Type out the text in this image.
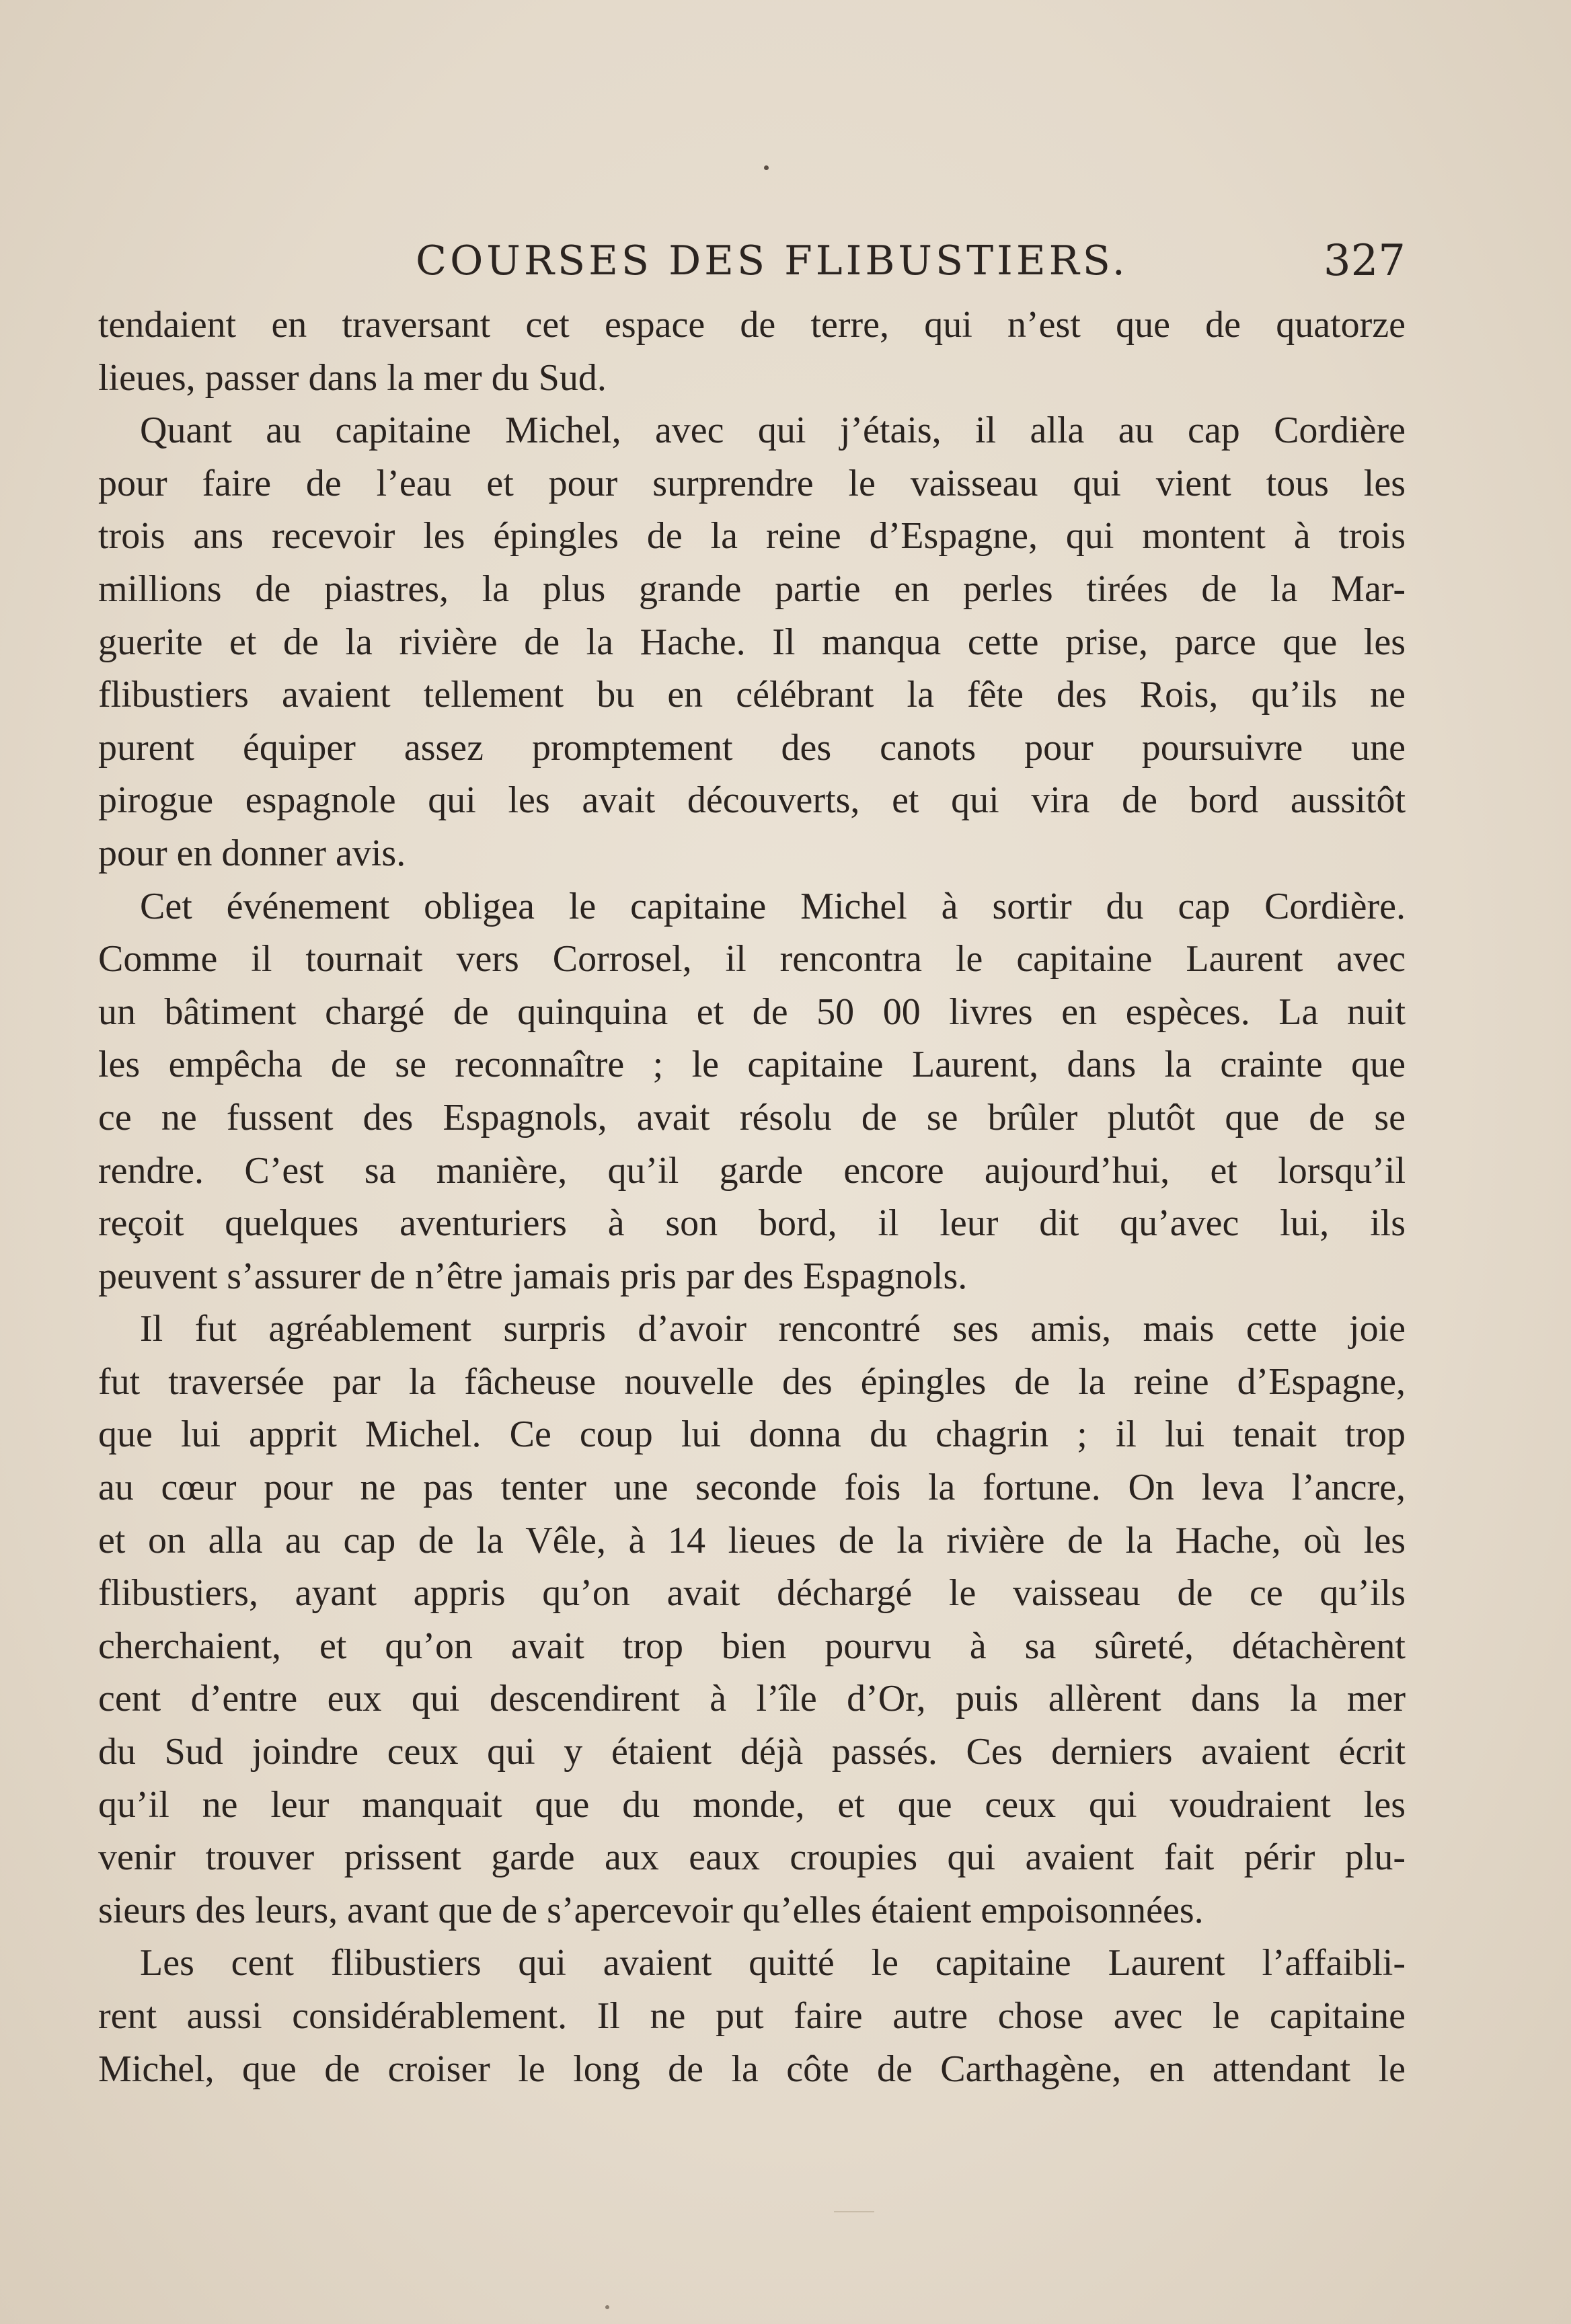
COURSES DES FLIBUSTIERS.	327
tendaient en traversant cet espace de terre, qui n’est que de quatorze
lieues, passer dans la mer du Sud.
Quant au capitaine Michel, avec qui j’étais, il alla au cap Cordière
pour faire de l’eau et pour surprendre le vaisseau qui vient tous les
trois ans recevoir les épingles de la reine d’Espagne, qui montent à trois
millions de piastres, la plus grande partie en perles tirées de la Mar-
guerite et de la rivière de la Hache. Il manqua cette prise, parce que les
flibustiers avaient tellement bu en célébrant la fête des Rois, qu’ils ne
purent équiper assez promptement des canots pour poursuivre une
pirogue espagnole qui les avait découverts, et qui vira de bord aussitôt
pour en donner avis.
Cet événement obligea le capitaine Michel à sortir du cap Cordière.
Comme il tournait vers Corrosel, il rencontra le capitaine Laurent avec
un bâtiment chargé de quinquina et de 50 00 livres en espèces. La nuit
les empêcha de se reconnaître ; le capitaine Laurent, dans la crainte que
ce ne fussent des Espagnols, avait résolu de se brûler plutôt que de se
rendre. C’est sa manière, qu’il garde encore aujourd’hui, et lorsqu’il
reçoit quelques aventuriers à son bord, il leur dit qu’avec lui, ils
peuvent s’assurer de n’être jamais pris par des Espagnols.
Il fut agréablement surpris d’avoir rencontré ses amis, mais cette joie
fut traversée par la fâcheuse nouvelle des épingles de la reine d’Espagne,
que lui apprit Michel. Ce coup lui donna du chagrin ; il lui tenait trop
au cœur pour ne pas tenter une seconde fois la fortune. On leva l’ancre,
et on alla au cap de la Vêle, à 14 lieues de la rivière de la Hache, où les
flibustiers, ayant appris qu’on avait déchargé le vaisseau de ce qu’ils
cherchaient, et qu’on avait trop bien pourvu à sa sûreté, détachèrent
cent d’entre eux qui descendirent à l’île d’Or, puis allèrent dans la mer
du Sud joindre ceux qui y étaient déjà passés. Ces derniers avaient écrit
qu’il ne leur manquait que du monde, et que ceux qui voudraient les
venir trouver prissent garde aux eaux croupies qui avaient fait périr plu-
sieurs des leurs, avant que de s’apercevoir qu’elles étaient empoisonnées.
Les cent flibustiers qui avaient quitté le capitaine Laurent l’affaibli-
rent aussi considérablement. Il ne put faire autre chose avec le capitaine
Michel, que de croiser le long de la côte de Carthagène, en attendant le
